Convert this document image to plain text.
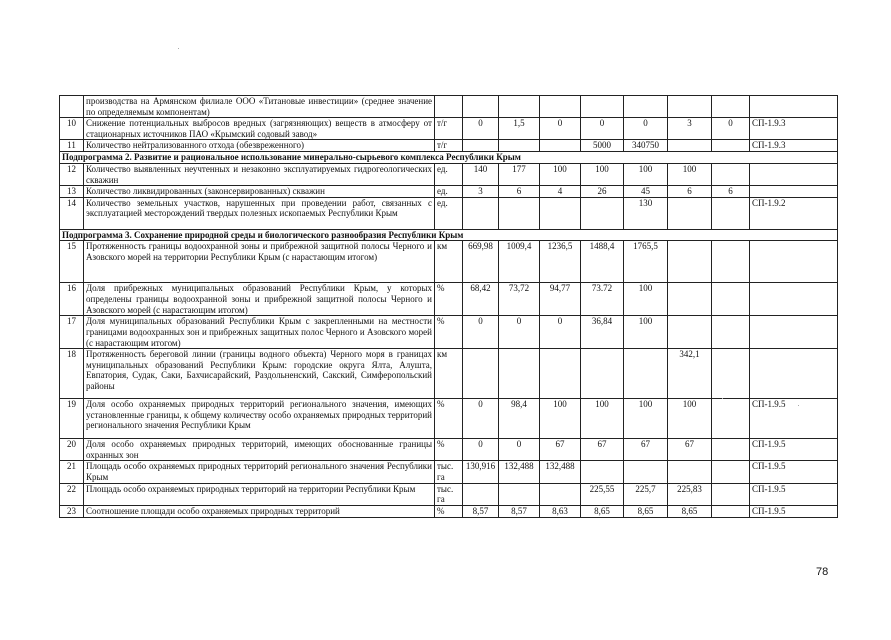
	производства на Армянском филиале ООО «Титановые инвестиции» (среднее значение по определяемым компонентам)									
10	Снижение потенциальных выбросов вредных (загрязняющих) веществ в атмосферу от стационарных источников ПАО «Крымский содовый завод»	т/г	0	1,5	0	0	0	3	0	СП-1.9.3
11	Количество нейтрализованного отхода (обезвреженного)	т/г				5000	340750			СП-1.9.3
Подпрограмма 2. Развитие и рациональное использование минерально-сырьевого комплекса Республики Крым										
12	Количество выявленных неучтенных и незаконно эксплуатируемых гидрогеологических скважин	ед.	140	177	100	100	100	100		
13	Количество ликвидированных (законсервированных) скважин	ед.	3	6	4	26	45	6	6	
14	Количество земельных участков, нарушенных при проведении работ, связанных с эксплуатацией месторождений твердых полезных ископаемых Республики Крым	ед.					130			СП-1.9.2
Подпрограмма 3. Сохранение природной среды и биологического разнообразия Республики Крым										
15	Протяженность границы водоохранной зоны и прибрежной защитной полосы Черного и Азовского морей на территории Республики Крым (с нарастающим итогом)	км	669,98	1009,4	1236,5	1488,4	1765,5			
16	Доля прибрежных муниципальных образований Республики Крым, у которых определены границы водоохранной зоны и прибрежной защитной полосы Черного и Азовского морей (с нарастающим итогом)	%	68,42	73,72	94,77	73.72	100			
17	Доля муниципальных образований Республики Крым с закрепленными на местности границами водоохранных зон и прибрежных защитных полос Черного и Азовского морей (с нарастающим итогом)	%	0	0	0	36,84	100			
18	Протяженность береговой линии (границы водного объекта) Черного моря в границах муниципальных образований Республики Крым: городские округа Ялта, Алушта, Евпатория, Судак, Саки, Бахчисарайский, Раздольненский, Сакский, Симферопольский районы	км						342,1		
19	Доля особо охраняемых природных территорий регионального значения, имеющих установленные границы, к общему количеству особо охраняемых природных территорий регионального значения Республики Крым	%	0	98,4	100	100	100	100		СП-1.9.5
20	Доля особо охраняемых природных территорий, имеющих обоснованные границы охранных зон	%	0	0	67	67	67	67		СП-1.9.5
21	Площадь особо охраняемых природных территорий регионального значения Республики Крым	тыс. га	130,916	132,488	132,488					СП-1.9.5
22	Площадь особо охраняемых природных территорий на территории Республики Крым	тыс. га				225,55	225,7	225,83		СП-1.9.5
23	Соотношение площади особо охраняемых природных территорий	%	8,57	8,57	8,63	8,65	8,65	8,65		СП-1.9.5
78
